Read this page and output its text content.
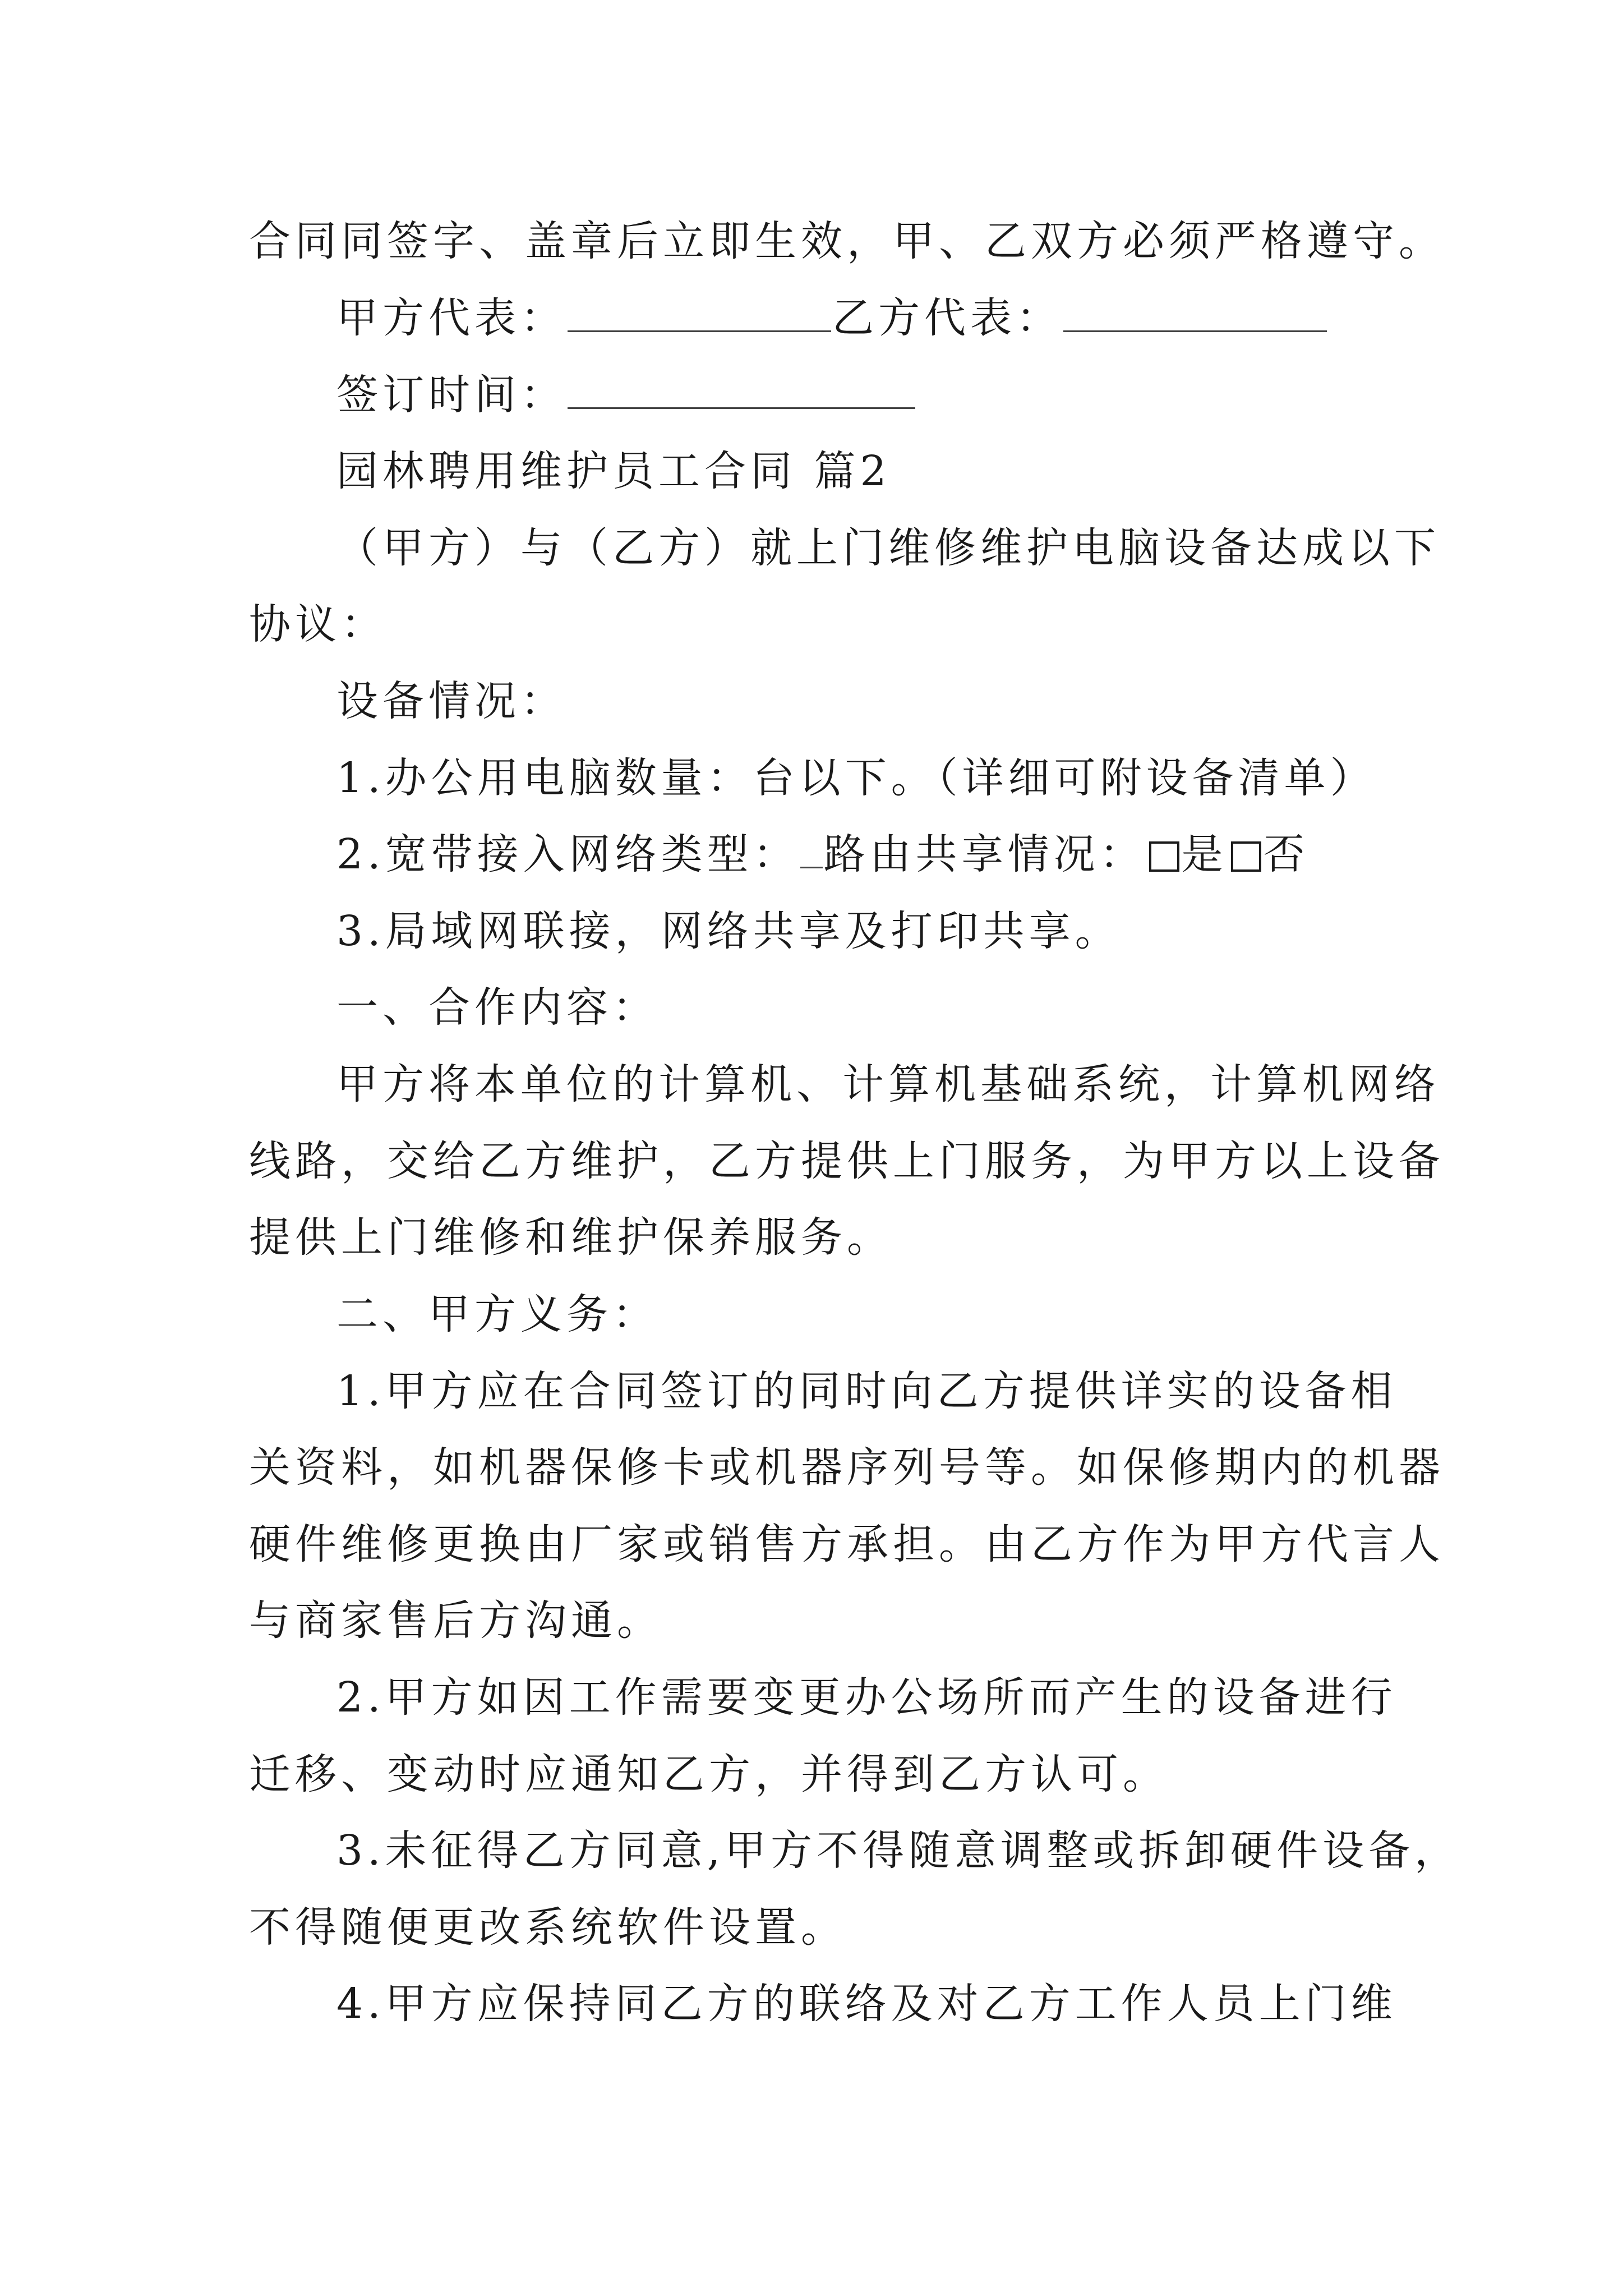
合同同签字、盖章后立即生效，甲、乙双方必须严格遵守。
甲方代表：	乙方代表：
签订时间：
园林聘用维护员工合同 篇2
（甲方）与（乙方）就上门维修维护电脑设备达成以下
协议：
设备情况：
1.办公用电脑数量：台以下。（详细可附设备清单）
2.宽带接入网络类型： 路由共享情况： 是 否
3.局域网联接，网络共享及打印共享。
一、合作内容：
甲方将本单位的计算机、计算机基础系统，计算机网络
线路，交给乙方维护，乙方提供上门服务，为甲方以上设备
提供上门维修和维护保养服务。
二、甲方义务：
1.甲方应在合同签订的同时向乙方提供详实的设备相
关资料，如机器保修卡或机器序列号等。如保修期内的机器
硬件维修更换由厂家或销售方承担。由乙方作为甲方代言人
与商家售后方沟通。
2.甲方如因工作需要变更办公场所而产生的设备进行
迁移、变动时应通知乙方，并得到乙方认可。
3.未征得乙方同意,甲方不得随意调整或拆卸硬件设备，
不得随便更改系统软件设置。
4.甲方应保持同乙方的联络及对乙方工作人员上门维
